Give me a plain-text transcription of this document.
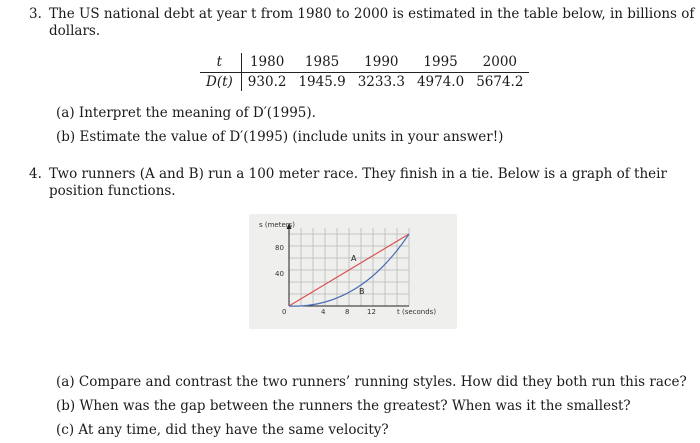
3. The US national debt at year t from 1980 to 2000 is estimated in the table below, in billions of
dollars.
t	1980	1985	1990	1995	2000
D(t)	930.2	1945.9	3233.3	4974.0	5674.2
(a) Interpret the meaning of D′(1995).
(b) Estimate the value of D′(1995) (include units in your answer!)
4. Two runners (A and B) run a 100 meter race. They finish in a tie. Below is a graph of their
position functions.
s (meters)
t (seconds)
80
40
0	4	8	12
A
B
(a) Compare and contrast the two runners’ running styles. How did they both run this race?
(b) When was the gap between the runners the greatest? When was it the smallest?
(c) At any time, did they have the same velocity?
